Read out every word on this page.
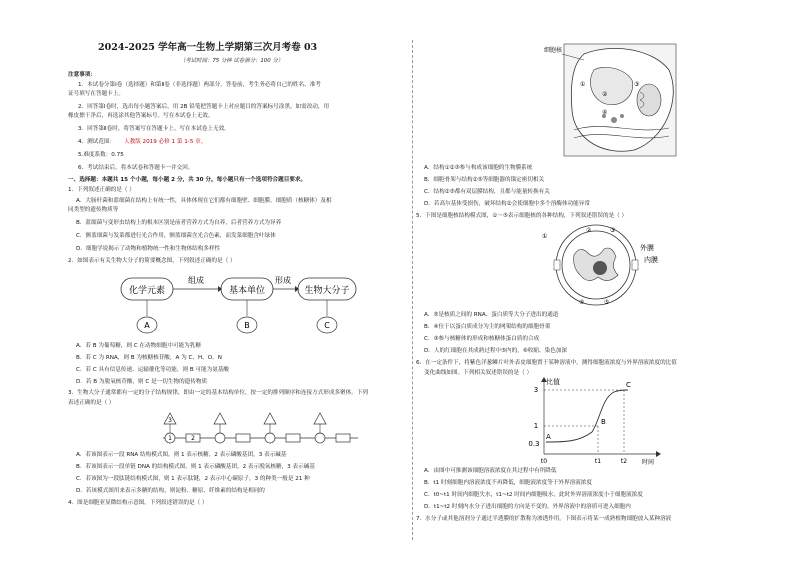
2024-2025 学年高一生物上学期第三次月考卷 03
（考试时间：75 分钟 试卷满分：100 分）
注意事项：
1．本试卷分第Ⅰ卷（选择题）和第Ⅱ卷（非选择题）两部分。答卷前，考生务必将自己的姓名、准考
证号填写在答题卡上。
2．回答第Ⅰ卷时，选出每小题答案后，用 2B 铅笔把答题卡上对应题目的答案标号涂黑。如需改动，用
橡皮擦干净后，再选涂其他答案标号。写在本试卷上无效。
3．回答第Ⅱ卷时，将答案写在答题卡上。写在本试卷上无效。
4．测试范围： 人教版 2019 必修 1 第 1-5 章。
5.难度系数：0.75
6．考试结束后，将本试卷和答题卡一并交回。
一、选择题：本题共 15 个小题，每小题 2 分，共 30 分。每小题只有一个选项符合题目要求。
1．下列叙述正确的是（ ）
A．大肠杆菌和蓝细菌在结构上有统一性，具体体现在它们都有细胞壁、细胞膜、细胞质（核糖体）及相
同类型的遗传物质等
B．蓝细菌与变形虫结构上的根本区别是前者营养方式为自养，后者营养方式为异养
C．颤蓝细菌与发菜都进行光合作用，颤蓝细菌含光合色素，而发菜细胞含叶绿体
D．细胞学说揭示了动物和植物统一性和生物体结构多样性
2．如图表示有关生物大分子的简要概念图，下列叙述正确的是（ ）
化学元素	基本单位	生物大分子
组成	形成
A	B	C
A．若 B 为葡萄糖，则 C 在动物细胞中可能为乳糖
B．若 C 为 RNA，则 B 为核糖核苷酸，A 为 C、H、O、N
C．若 C 具有信息传递、运输催化等功能，则 B 可能为氨基酸
D．若 B 为脱氧核苷酸，则 C 是一切生物的遗传物质
3．生物大分子通常都有一定的分子结构规律，即由一定的基本结构单位，按一定的排列顺序和连接方式形成多聚体。下列
表述正确的是（ ）
3
1	2
A．若该图表示一段 RNA 结构模式图，则 1 表示核糖，2 表示磷酸基团，3 表示碱基
B．若该图表示一段单链 DNA 的结构模式图，则 1 表示磷酸基团，2 表示脱氧核糖，3 表示碱基
C．若该图为一段肽链结构模式图，则 1 表示肽键，2 表示中心碳原子，3 的种类一般是 21 种
D．若该模式图用来表示多糖的结构，则淀粉、糖原、纤维素的结构是相同的
4．图是细胞亚显微结构示意图。下列叙述错误的是（ ）
细胞核
①
②
③
④
A．结构①②③参与构成该细胞的生物膜系统
B．细胞骨架与结构②⑤等细胞器的锚定密切相关
C．结构②⑤都有双层膜结构，且都与能量转换有关
D．若高尔基体受损伤，破坏结构②会使细胞中多个溶酶体功能异常
5．下图是细胞核结构模式图，①～⑤表示细胞核的各种结构，下列叙述错误的是（ ）
①
②	③
④	⑤
外膜
内膜
A．⑤是核质之间的 RNA、蛋白质等大分子进出的通道
B．④位于以蛋白质成分为主的网架结构的细胞骨架
C．③参与核糖体的形成和核糖体蛋白质的合成
D．人的红细胞在其成熟过程中⑤内的，⑥收缩、染色加深
6．在一定条件下，将紫色洋葱鳞片叶外表皮细胞置于某种溶液中，测得细胞液浓度与外界溶液浓度的比值
变化曲线如图。下列相关叙述错误的是（ ）
比值
3
1
0.3
A
B
C
t0	t1	t2 时间
A．由图中可推测该细胞溶液浓度在其过程中有所降低
B．t1 时刻细胞内溶液浓度不再降低，细胞液浓度等于外界溶液浓度
C．t0~t1 时间内细胞失水，t1~t2 时间内细胞吸水，此时外界溶液浓度小于细胞液浓度
D．t1~t2 时刻内水分子进出细胞的方向是不变的，外界溶液中的溶质可进入细胞内
7．水分子或其他溶剂分子通过半透膜的扩散称为渗透作用。下图表示将某一成熟植物细胞放入某种溶液
